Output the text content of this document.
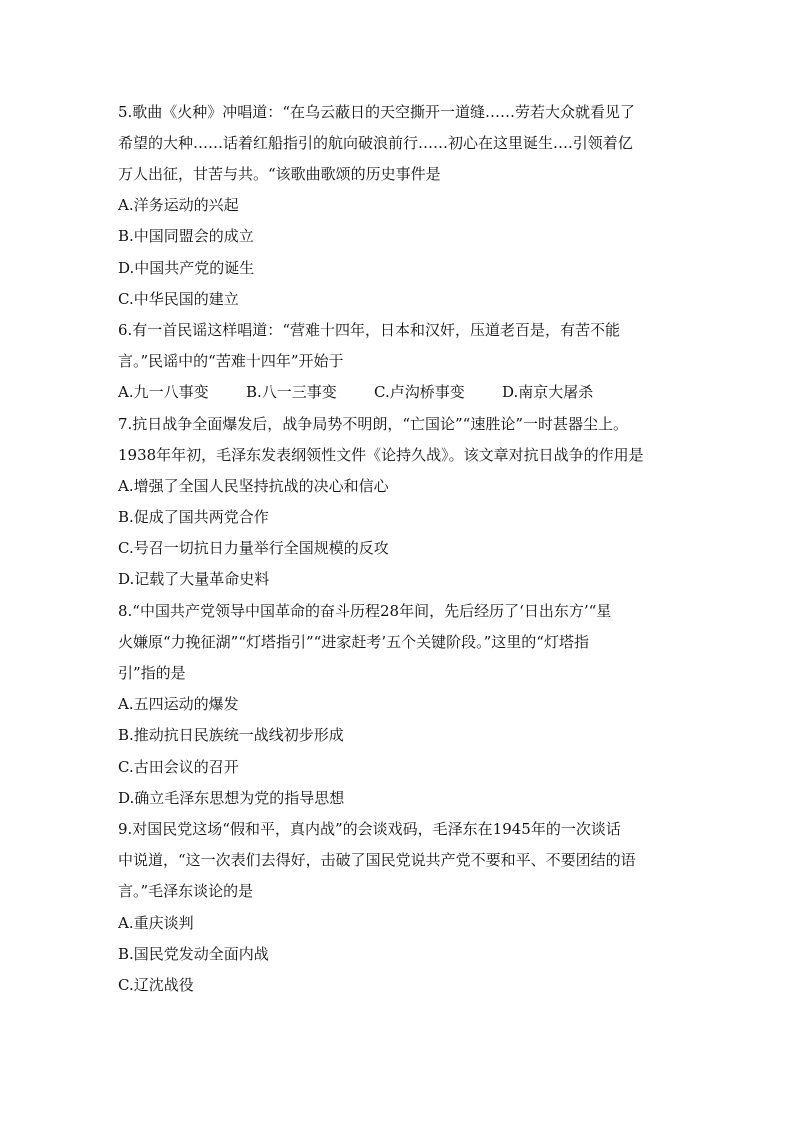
5.歌曲《火种》冲唱道：“在乌云蔽日的天空撕开一道缝……劳若大众就看见了
希望的大种……话着红船指引的航向破浪前行……初心在这里诞生….引领着亿
万人出征，甘苦与共。“该歌曲歌颂的历史事件是
A.洋务运动的兴起
B.中国同盟会的成立
D.中国共产党的诞生
C.中华民国的建立
6.有一首民谣这样唱道：“营难十四年，日本和汉奸，压道老百是，有苦不能
言。”民谣中的“苦难十四年”开始于
A.九一八事变 B.八一三事变 C.卢沟桥事变 D.南京大屠杀
7.抗日战争全面爆发后，战争局势不明朗，“亡国论”“速胜论”一时甚器尘上。
1938年年初，毛泽东发表纲领性文件《论持久战》。该文章对抗日战争的作用是
A.增强了全国人民坚持抗战的决心和信心
B.促成了国共两党合作
C.号召一切抗日力量举行全国规模的反攻
D.记载了大量革命史料
8.“中国共产党领导中国革命的奋斗历程28年间，先后经历了‘日出东方’“星
火嫌原“力挽征湖”“灯塔指引”“进家赶考’五个关键阶段。”这里的“灯塔指
引”指的是
A.五四运动的爆发
B.推动抗日民族统一战线初步形成
C.古田会议的召开
D.确立毛泽东思想为党的指导思想
9.对国民党这场“假和平，真内战”的会谈戏码，毛泽东在1945年的一次谈话
中说道，“这一次表们去得好，击破了国民党说共产党不要和平、不要团结的语
言。”毛泽东谈论的是
A.重庆谈判
B.国民党发动全面内战
C.辽沈战役
